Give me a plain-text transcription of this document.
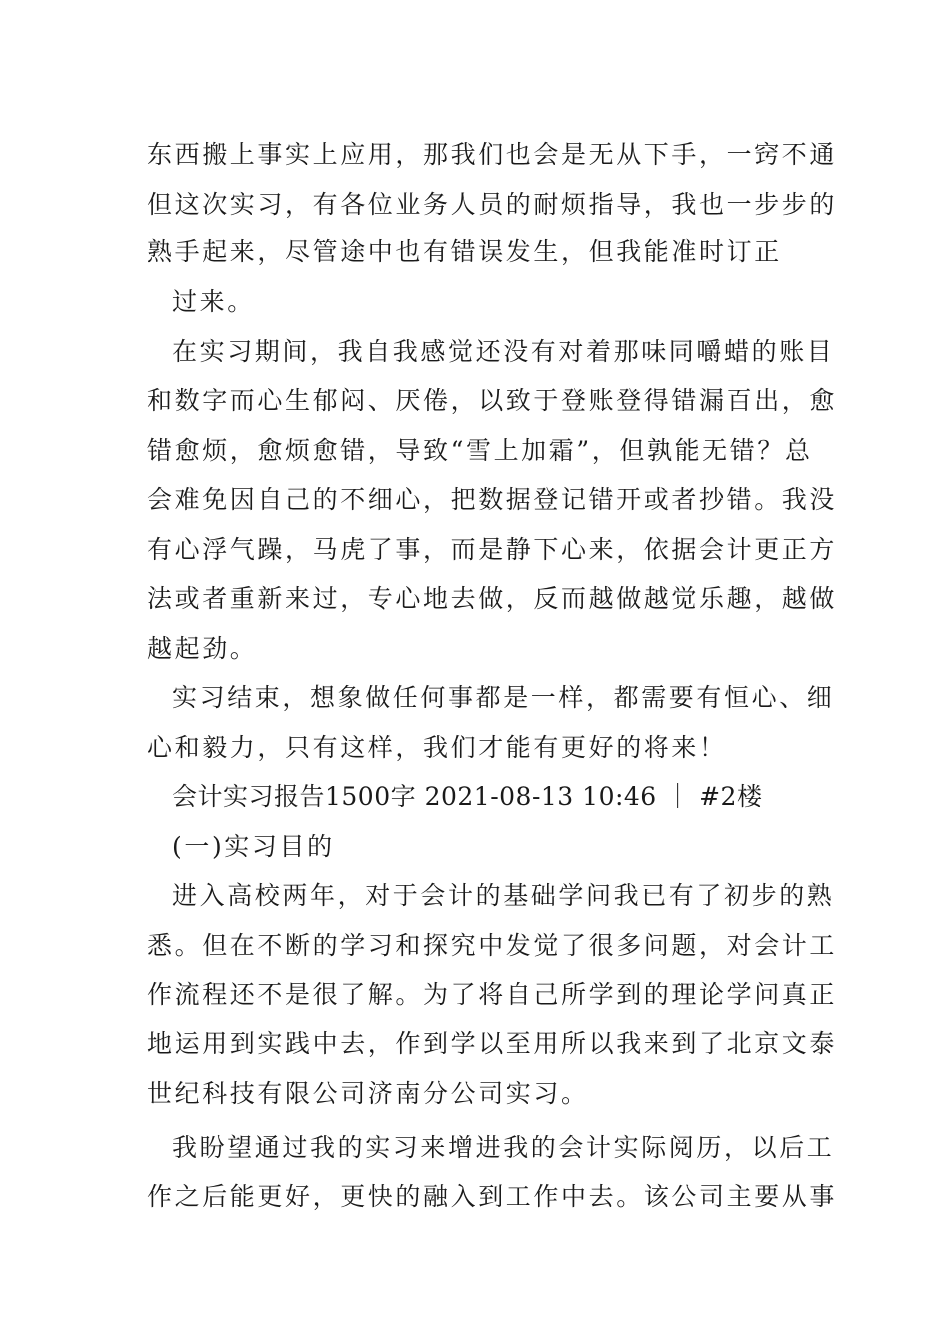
东西搬上事实上应用，那我们也会是无从下手，一窍不通
但这次实习，有各位业务人员的耐烦指导，我也一步步的
熟手起来，尽管途中也有错误发生，但我能准时订正
过来。
在实习期间，我自我感觉还没有对着那味同嚼蜡的账目
和数字而心生郁闷、厌倦，以致于登账登得错漏百出，愈
错愈烦，愈烦愈错，导致“雪上加霜”，但孰能无错？总
会难免因自己的不细心，把数据登记错开或者抄错。我没
有心浮气躁，马虎了事，而是静下心来，依据会计更正方
法或者重新来过，专心地去做，反而越做越觉乐趣，越做
越起劲。
实习结束，想象做任何事都是一样，都需要有恒心、细
心和毅力，只有这样，我们才能有更好的将来！
会计实习报告1500字 2021-08-13 10:46 ｜ #2楼
(一)实习目的
进入高校两年，对于会计的基础学问我已有了初步的熟
悉。但在不断的学习和探究中发觉了很多问题，对会计工
作流程还不是很了解。为了将自己所学到的理论学问真正
地运用到实践中去，作到学以至用所以我来到了北京文泰
世纪科技有限公司济南分公司实习。
我盼望通过我的实习来增进我的会计实际阅历，以后工
作之后能更好，更快的融入到工作中去。该公司主要从事
